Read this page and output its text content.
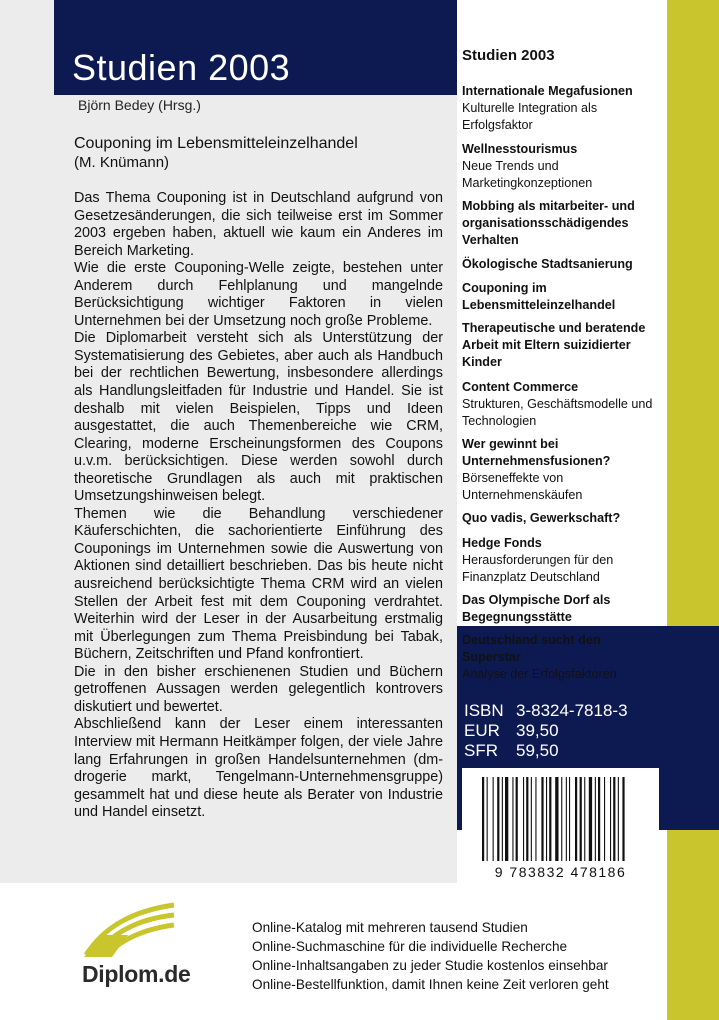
Studien 2003
Björn Bedey (Hrsg.)
Couponing im Lebensmitteleinzelhandel
(M. Knümann)

Das Thema Couponing ist in Deutschland aufgrund von Gesetzesänderungen, die sich teilweise erst im Sommer 2003 ergeben haben, aktuell wie kaum ein Anderes im Bereich Marketing.

Wie die erste Couponing-Welle zeigte, bestehen unter Anderem durch Fehlplanung und mangelnde Berücksichtigung wichtiger Faktoren in vielen Unternehmen bei der Umsetzung noch große Probleme.

Die Diplomarbeit versteht sich als Unterstützung der Systematisierung des Gebietes, aber auch als Handbuch bei der rechtlichen Bewertung, insbesondere allerdings als Handlungsleitfaden für Industrie und Handel. Sie ist deshalb mit vielen Beispielen, Tipps und Ideen ausgestattet, die auch Themenbereiche wie CRM, Clearing, moderne Erscheinungsformen des Coupons u.v.m. berücksichtigen. Diese werden sowohl durch theoretische Grundlagen als auch mit praktischen Umsetzungshinweisen belegt.

Themen wie die Behandlung verschiedener Käuferschichten, die sachorientierte Einführung des Couponings im Unternehmen sowie die Auswertung von Aktionen sind detailliert beschrieben. Das bis heute nicht ausreichend berücksichtigte Thema CRM wird an vielen Stellen der Arbeit fest mit dem Couponing verdrahtet. Weiterhin wird der Leser in der Ausarbeitung erstmalig mit Überlegungen zum Thema Preisbindung bei Tabak, Büchern, Zeitschriften und Pfand konfrontiert.

Die in den bisher erschienenen Studien und Büchern getroffenen Aussagen werden gelegentlich kontrovers diskutiert und bewertet.

Abschließend kann der Leser einem interessanten Interview mit Hermann Heitkämper folgen, der viele Jahre lang Erfahrungen in großen Handelsunternehmen (dm-drogerie markt, Tengelmann-Unternehmensgruppe) gesammelt hat und diese heute als Berater von Industrie und Handel einsetzt.

Studien 2003
Internationale Megafusionen
Kulturelle Integration als Erfolgsfaktor
Wellnesstourismus
Neue Trends und Marketingkonzeptionen
Mobbing als mitarbeiter- und organisationsschädigendes Verhalten
Ökologische Stadtsanierung
Couponing im Lebensmitteleinzelhandel
Therapeutische und beratende Arbeit mit Eltern suizidierter Kinder
Content Commerce
Strukturen, Geschäftsmodelle und Technologien
Wer gewinnt bei Unternehmensfusionen?
Börseneffekte von Unternehmenskäufen
Quo vadis, Gewerkschaft?
Hedge Fonds
Herausforderungen für den Finanzplatz Deutschland
Das Olympische Dorf als Begegnungsstätte
Deutschland sucht den Superstar
Analyse der Erfolgsfaktoren
ISBN 3-8324-7818-3
EUR 39,50
SFR	59,50
9 783832 478186
Diplom.de
Online-Katalog mit mehreren tausend Studien
Online-Suchmaschine für die individuelle Recherche
Online-Inhaltsangaben zu jeder Studie kostenlos einsehbar
Online-Bestellfunktion, damit Ihnen keine Zeit verloren geht
